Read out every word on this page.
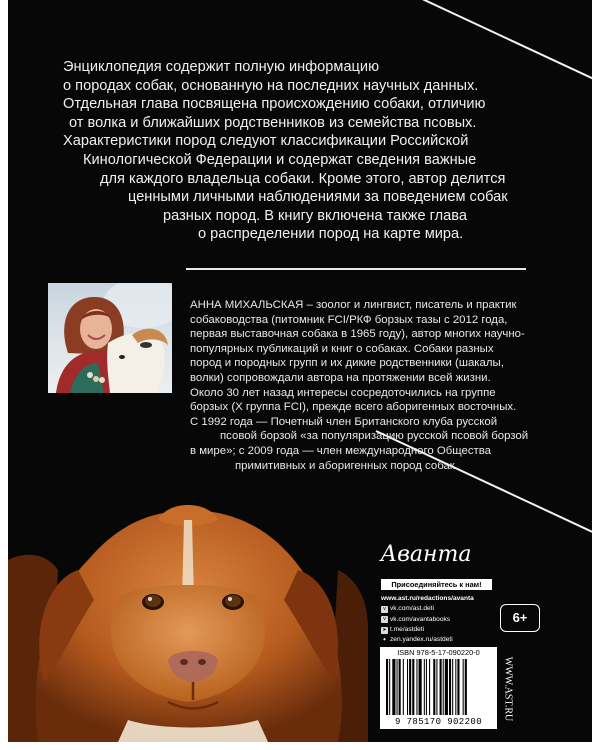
Энциклопедия содержит полную информацию
о породах собак, основанную на последних научных данных.
Отдельная глава посвящена происхождению собаки, отличию
от волка и ближайших родственников из семейства псовых.
Характеристики пород следуют классификации Российской
Кинологической Федерации и содержат сведения важные
для каждого владельца собаки. Кроме этого, автор делится
ценными личными наблюдениями за поведением собак
разных пород. В книгу включена также глава
о распределении пород на карте мира.
АННА МИХАЛЬСКАЯ – зоолог и лингвист, писатель и практик
собаководства (питомник FCI/РКФ борзых тазы с 2012 года,
первая выставочная собака в 1965 году), автор многих научно-
популярных публикаций и книг о собаках. Собаки разных
пород и породных групп и их дикие родственники (шакалы,
волки) сопровождали автора на протяжении всей жизни.
Около 30 лет назад интересы сосредоточились на группе
борзых (X группа FCI), прежде всего аборигенных восточных.
С 1992 года — Почетный член Британского клуба русской
псовой борзой «за популяризацию русской псовой борзой
в мире»; с 2009 года — член международного Общества
примитивных и аборигенных пород собак.
Аванта
Присоединяйтесь к нам!
www.ast.ru/redactions/avanta
v vk.com/ast.deti
v vk.com/avantabooks
➤ t.me/astdeti
✦ zen.yandex.ru/astdeti
6+
ISBN 978-5-17-090220-0
9 785170 902200
WWW.AST.RU
